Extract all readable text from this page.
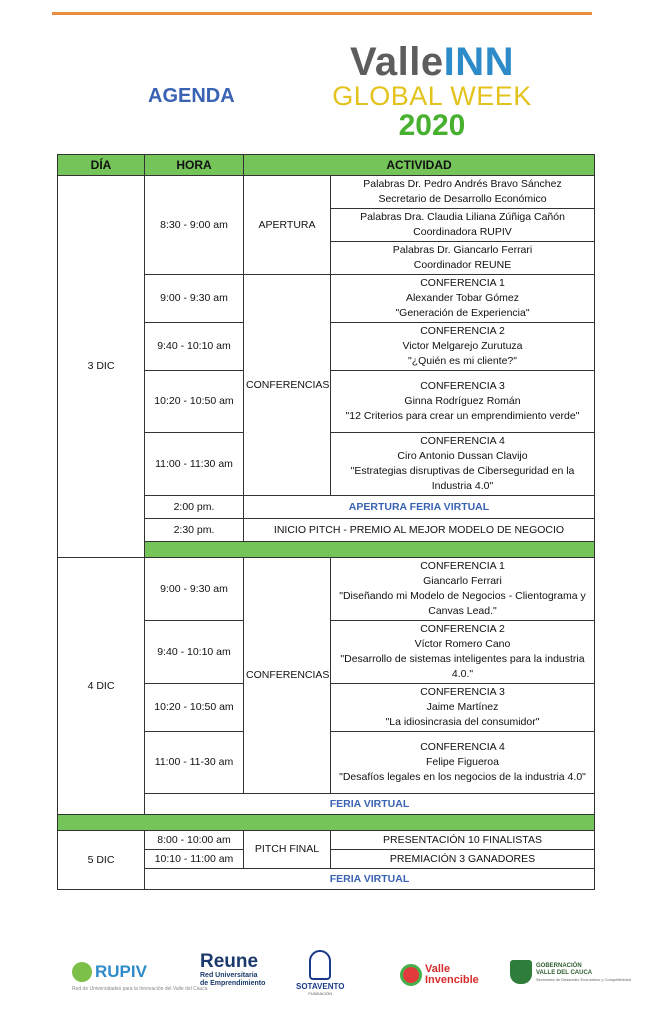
AGENDA
ValleINN
GLOBAL WEEK
2020
DÍA	HORA	ACTIVIDAD	
3 DIC	8:30 - 9:00 am	APERTURA	Palabras Dr. Pedro Andrés Bravo Sánchez
Secretario de Desarrollo Económico

			Palabras Dra. Claudia Liliana Zúñiga Cañón
Coordinadora RUPIV

			Palabras Dr. Giancarlo Ferrari
Coordinador REUNE

	9:00 - 9:30 am	CONFERENCIAS	CONFERENCIA 1
Alexander Tobar Gómez
"Generación de Experiencia"

	9:40 - 10:10 am		CONFERENCIA 2
Victor Melgarejo Zurutuza
"¿Quién es mi cliente?"

	10:20 - 10:50 am		CONFERENCIA 3
Ginna Rodríguez Román
"12 Criterios para crear un emprendimiento verde"

	11:00 - 11:30 am		CONFERENCIA 4
Ciro Antonio Dussan Clavijo
"Estrategias disruptivas de Ciberseguridad en la Industria 4.0"

	2:00 pm.	APERTURA FERIA VIRTUAL	
	2:30 pm.	INICIO PITCH - PREMIO AL MEJOR MODELO DE NEGOCIO	

4 DIC	9:00 - 9:30 am	CONFERENCIAS	CONFERENCIA 1
Giancarlo Ferrari
"Diseñando mi Modelo de Negocios - Clientograma y Canvas Lead."

	9:40 - 10:10 am		CONFERENCIA 2
Víctor Romero Cano
"Desarrollo de sistemas inteligentes para la industria 4.0."

	10:20 - 10:50 am		CONFERENCIA 3
Jaime Martínez
"La idiosincrasia del consumidor"

	11:00 - 11-30 am		CONFERENCIA 4
Felipe Figueroa
"Desafíos legales en los negocios de la industria 4.0"

	FERIA VIRTUAL		

5 DIC	8:00 - 10:00 am	PITCH FINAL	PRESENTACIÓN 10 FINALISTAS
	10:10 - 11:00 am		PREMIACIÓN 3 GANADORES
	FERIA VIRTUAL		
RUPIV
Red de Universidades para la Innovación del Valle del Cauca
Reune
Red Universitaria
de Emprendimiento	SOTAVENTO
FUNDACIÓN
Valle
Invencible
GOBERNACIÓN
VALLE DEL CAUCA
Secretaría de Desarrollo Económico y Competitividad
